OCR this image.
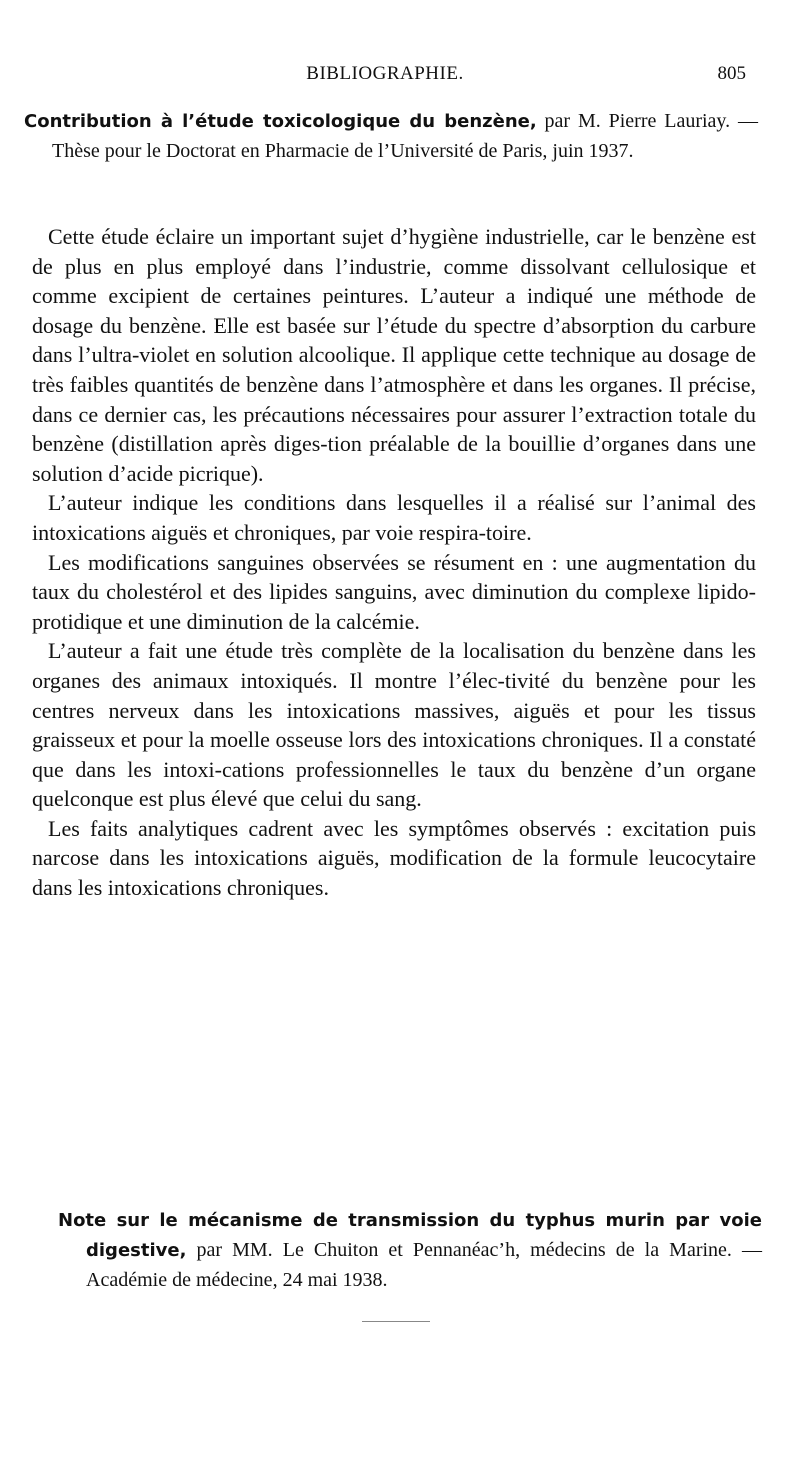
BIBLIOGRAPHIE.	805
Contribution à l’étude toxicologique du benzène, par M. Pierre Lauriay. — Thèse pour le Doctorat en Pharmacie de l’Université de Paris, juin 1937.

Cette étude éclaire un important sujet d’hygiène industrielle, car le benzène est de plus en plus employé dans l’industrie, comme dissolvant cellulosique et comme excipient de certaines peintures. L’auteur a indiqué une méthode de dosage du benzène. Elle est basée sur l’étude du spectre d’absorption du carbure dans l’ultra-violet en solution alcoolique. Il applique cette technique au dosage de très faibles quantités de benzène dans l’atmosphère et dans les organes. Il précise, dans ce dernier cas, les précautions nécessaires pour assurer l’extraction totale du benzène (distillation après diges-tion préalable de la bouillie d’organes dans une solution d’acide picrique).

L’auteur indique les conditions dans lesquelles il a réalisé sur l’animal des intoxications aiguës et chroniques, par voie respira-toire.

Les modifications sanguines observées se résument en : une augmentation du taux du cholestérol et des lipides sanguins, avec diminution du complexe lipido-protidique et une diminution de la calcémie.

L’auteur a fait une étude très complète de la localisation du benzène dans les organes des animaux intoxiqués. Il montre l’élec-tivité du benzène pour les centres nerveux dans les intoxications massives, aiguës et pour les tissus graisseux et pour la moelle osseuse lors des intoxications chroniques. Il a constaté que dans les intoxi-cations professionnelles le taux du benzène d’un organe quelconque est plus élevé que celui du sang.

Les faits analytiques cadrent avec les symptômes observés : excitation puis narcose dans les intoxications aiguës, modification de la formule leucocytaire dans les intoxications chroniques.

Note sur le mécanisme de transmission du typhus murin par voie digestive, par MM. Le Chuiton et Pennanéac’h, médecins de la Marine. — Académie de médecine, 24 mai 1938.
